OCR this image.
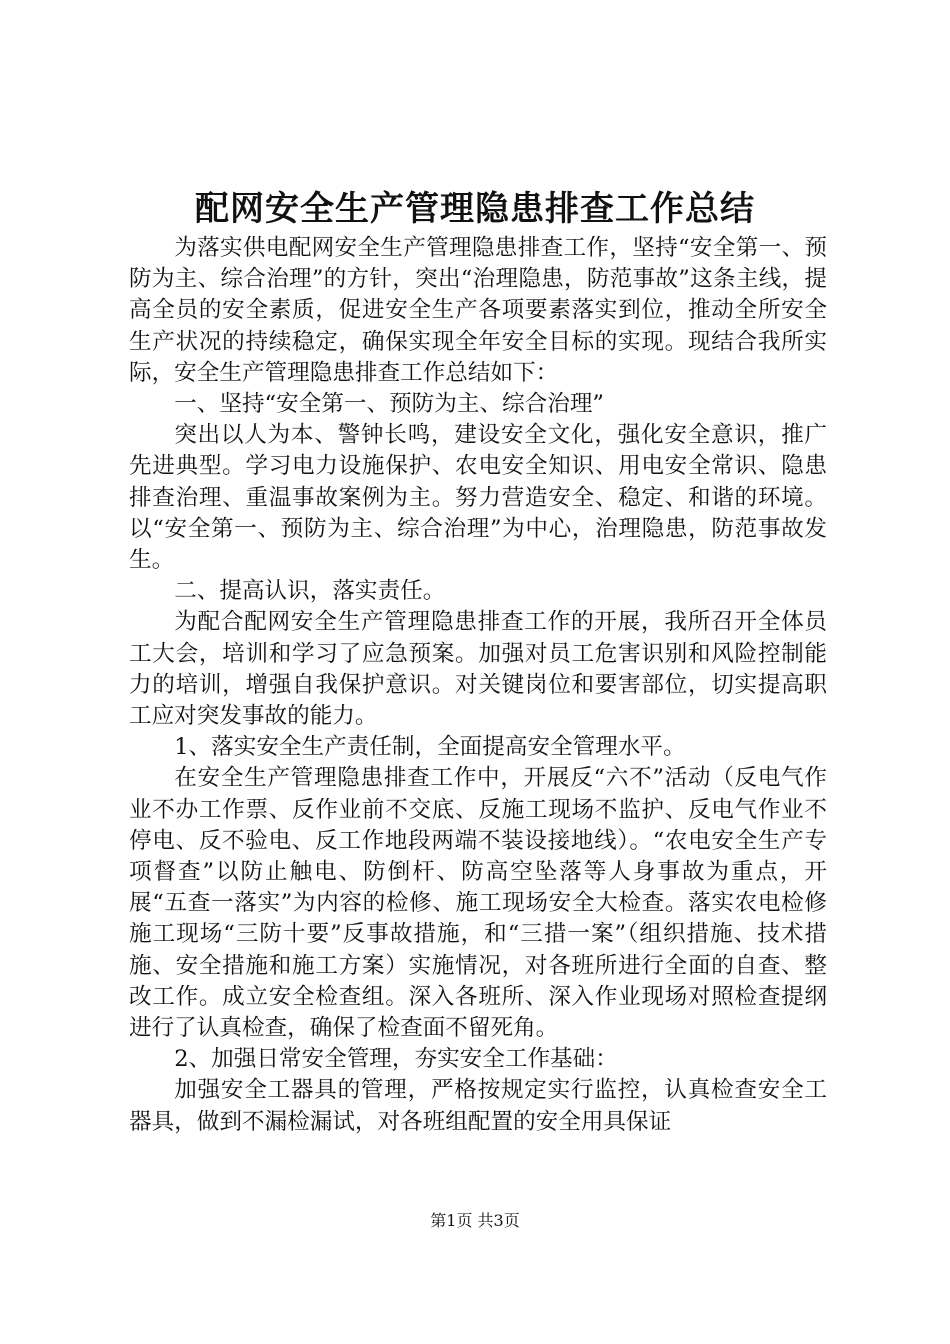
配网安全生产管理隐患排查工作总结

为落实供电配网安全生产管理隐患排查工作，坚持“安全第一、预防为主、综合治理”的方针，突出“治理隐患，防范事故”这条主线，提高全员的安全素质，促进安全生产各项要素落实到位，推动全所安全生产状况的持续稳定，确保实现全年安全目标的实现。现结合我所实际，安全生产管理隐患排查工作总结如下：

一、坚持“安全第一、预防为主、综合治理”

突出以人为本、警钟长鸣，建设安全文化，强化安全意识，推广先进典型。学习电力设施保护、农电安全知识、用电安全常识、隐患排查治理、重温事故案例为主。努力营造安全、稳定、和谐的环境。以“安全第一、预防为主、综合治理”为中心，治理隐患，防范事故发生。

二、提高认识，落实责任。

为配合配网安全生产管理隐患排查工作的开展，我所召开全体员工大会，培训和学习了应急预案。加强对员工危害识别和风险控制能力的培训，增强自我保护意识。对关键岗位和要害部位，切实提高职工应对突发事故的能力。

1、落实安全生产责任制，全面提高安全管理水平。

在安全生产管理隐患排查工作中，开展反“六不”活动（反电气作业不办工作票、反作业前不交底、反施工现场不监护、反电气作业不停电、反不验电、反工作地段两端不装设接地线）。“农电安全生产专项督查”以防止触电、防倒杆、防高空坠落等人身事故为重点，开展“五查一落实”为内容的检修、施工现场安全大检查。落实农电检修施工现场“三防十要”反事故措施，和“三措一案”（组织措施、技术措施、安全措施和施工方案）实施情况，对各班所进行全面的自查、整改工作。成立安全检查组。深入各班所、深入作业现场对照检查提纲进行了认真检查，确保了检查面不留死角。

2、加强日常安全管理，夯实安全工作基础：

加强安全工器具的管理，严格按规定实行监控，认真检查安全工器具，做到不漏检漏试，对各班组配置的安全用具保证

第1页 共3页
